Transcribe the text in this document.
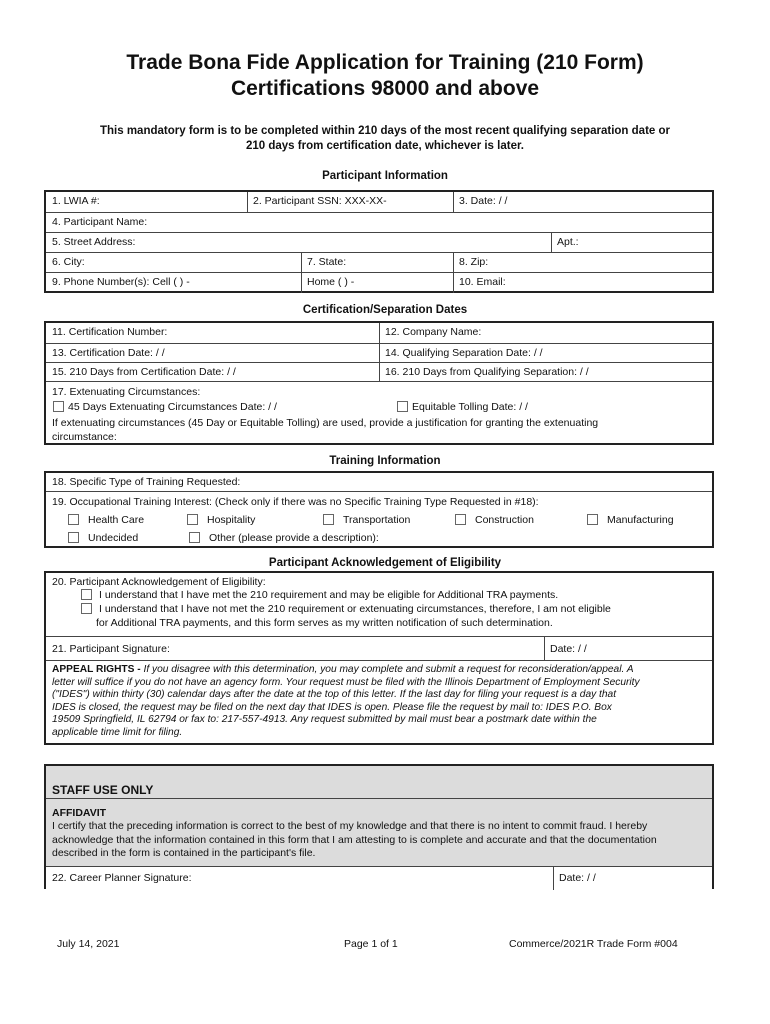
Trade Bona Fide Application for Training (210 Form)
Certifications 98000 and above
This mandatory form is to be completed within 210 days of the most recent qualifying separation date or
210 days from certification date, whichever is later.
Participant Information
1. LWIA #:	2. Participant SSN: XXX-XX-	3. Date: / /
4. Participant Name:
5. Street Address:	Apt.:
6. City:	7. State:	8. Zip:
9. Phone Number(s): Cell ( ) -	Home ( ) -	10. Email:
Certification/Separation Dates
11. Certification Number:	12. Company Name:
13. Certification Date: / /	14. Qualifying Separation Date: / /
15. 210 Days from Certification Date: / /	16. 210 Days from Qualifying Separation: / /
17. Extenuating Circumstances:
45 Days Extenuating Circumstances Date: / /	Equitable Tolling Date: / /
If extenuating circumstances (45 Day or Equitable Tolling) are used, provide a justification for granting the extenuating
circumstance:
Training Information
18. Specific Type of Training Requested:
19. Occupational Training Interest: (Check only if there was no Specific Training Type Requested in #18):
Health Care	Hospitality	Transportation	Construction	Manufacturing
Undecided	Other (please provide a description):
Participant Acknowledgement of Eligibility
20. Participant Acknowledgement of Eligibility:
I understand that I have met the 210 requirement and may be eligible for Additional TRA payments.
I understand that I have not met the 210 requirement or extenuating circumstances, therefore, I am not eligible
for Additional TRA payments, and this form serves as my written notification of such determination.
21. Participant Signature:	Date: / /
APPEAL RIGHTS - If you disagree with this determination, you may complete and submit a request for reconsideration/appeal. A
letter will suffice if you do not have an agency form. Your request must be filed with the Illinois Department of Employment Security
("IDES") within thirty (30) calendar days after the date at the top of this letter. If the last day for filing your request is a day that
IDES is closed, the request may be filed on the next day that IDES is open. Please file the request by mail to: IDES P.O. Box
19509 Springfield, IL 62794 or fax to: 217-557-4913. Any request submitted by mail must bear a postmark date within the
applicable time limit for filing.
STAFF USE ONLY
AFFIDAVIT
I certify that the preceding information is correct to the best of my knowledge and that there is no intent to commit fraud. I hereby
acknowledge that the information contained in this form that I am attesting to is complete and accurate and that the documentation
described in the form is contained in the participant's file.
22. Career Planner Signature:	Date: / /
July 14, 2021	Page 1 of 1	Commerce/2021R Trade Form #004
